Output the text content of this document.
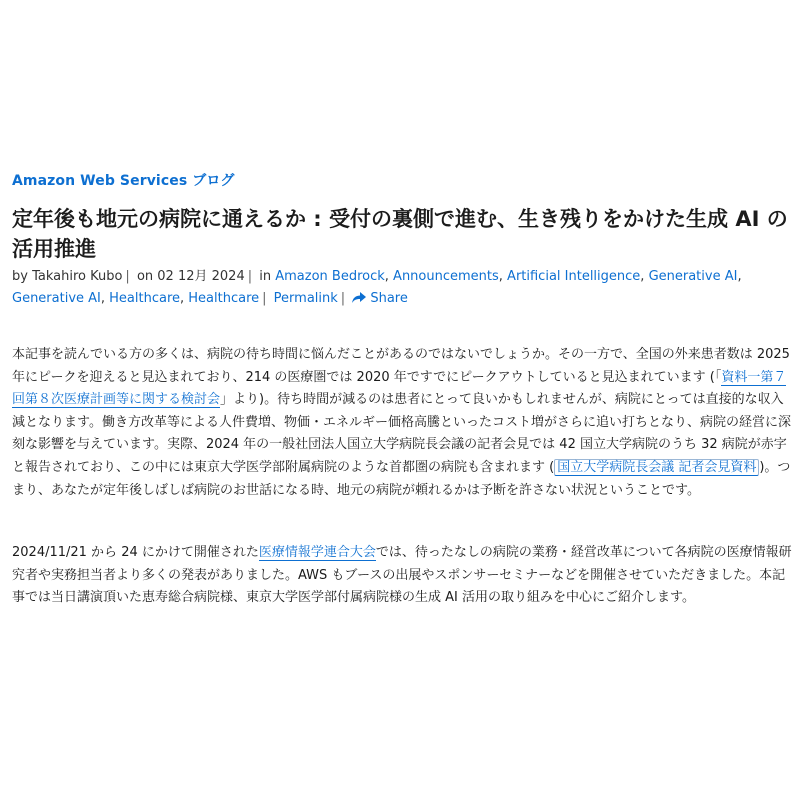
Amazon Web Services ブログ
定年後も地元の病院に通えるか : 受付の裏側で進む、生き残りをかけた生成 AI の活用推進
by Takahiro Kubo | on 02 12月 2024 | in Amazon Bedrock, Announcements, Artificial Intelligence, Generative AI, Generative AI, Healthcare, Healthcare | Permalink | Share

本記事を読んでいる方の多くは、病院の待ち時間に悩んだことがあるのではないでしょうか。その一方で、全国の外来患者数は 2025 年にピークを迎えると見込まれており、214 の医療圏では 2020 年ですでにピークアウトしていると見込まれています (「資料一第７回第８次医療計画等に関する検討会」より)。待ち時間が減るのは患者にとって良いかもしれませんが、病院にとっては直接的な収入減となります。働き方改革等による人件費増、物価・エネルギー価格高騰といったコスト増がさらに追い打ちとなり、病院の経営に深刻な影響を与えています。実際、2024 年の一般社団法人国立大学病院長会議の記者会見では 42 国立大学病院のうち 32 病院が赤字と報告されており、この中には東京大学医学部附属病院のような首都圏の病院も含まれます ( 国立大学病院長会議 記者会見資料 )。つまり、あなたが定年後しばしば病院のお世話になる時、地元の病院が頼れるかは予断を許さない状況ということです。

2024/11/21 から 24 にかけて開催された医療情報学連合大会では、待ったなしの病院の業務・経営改革について各病院の医療情報研究者や実務担当者より多くの発表がありました。AWS もブースの出展やスポンサーセミナーなどを開催させていただきました。本記事では当日講演頂いた恵寿総合病院様、東京大学医学部付属病院様の生成 AI 活用の取り組みを中心にご紹介します。
